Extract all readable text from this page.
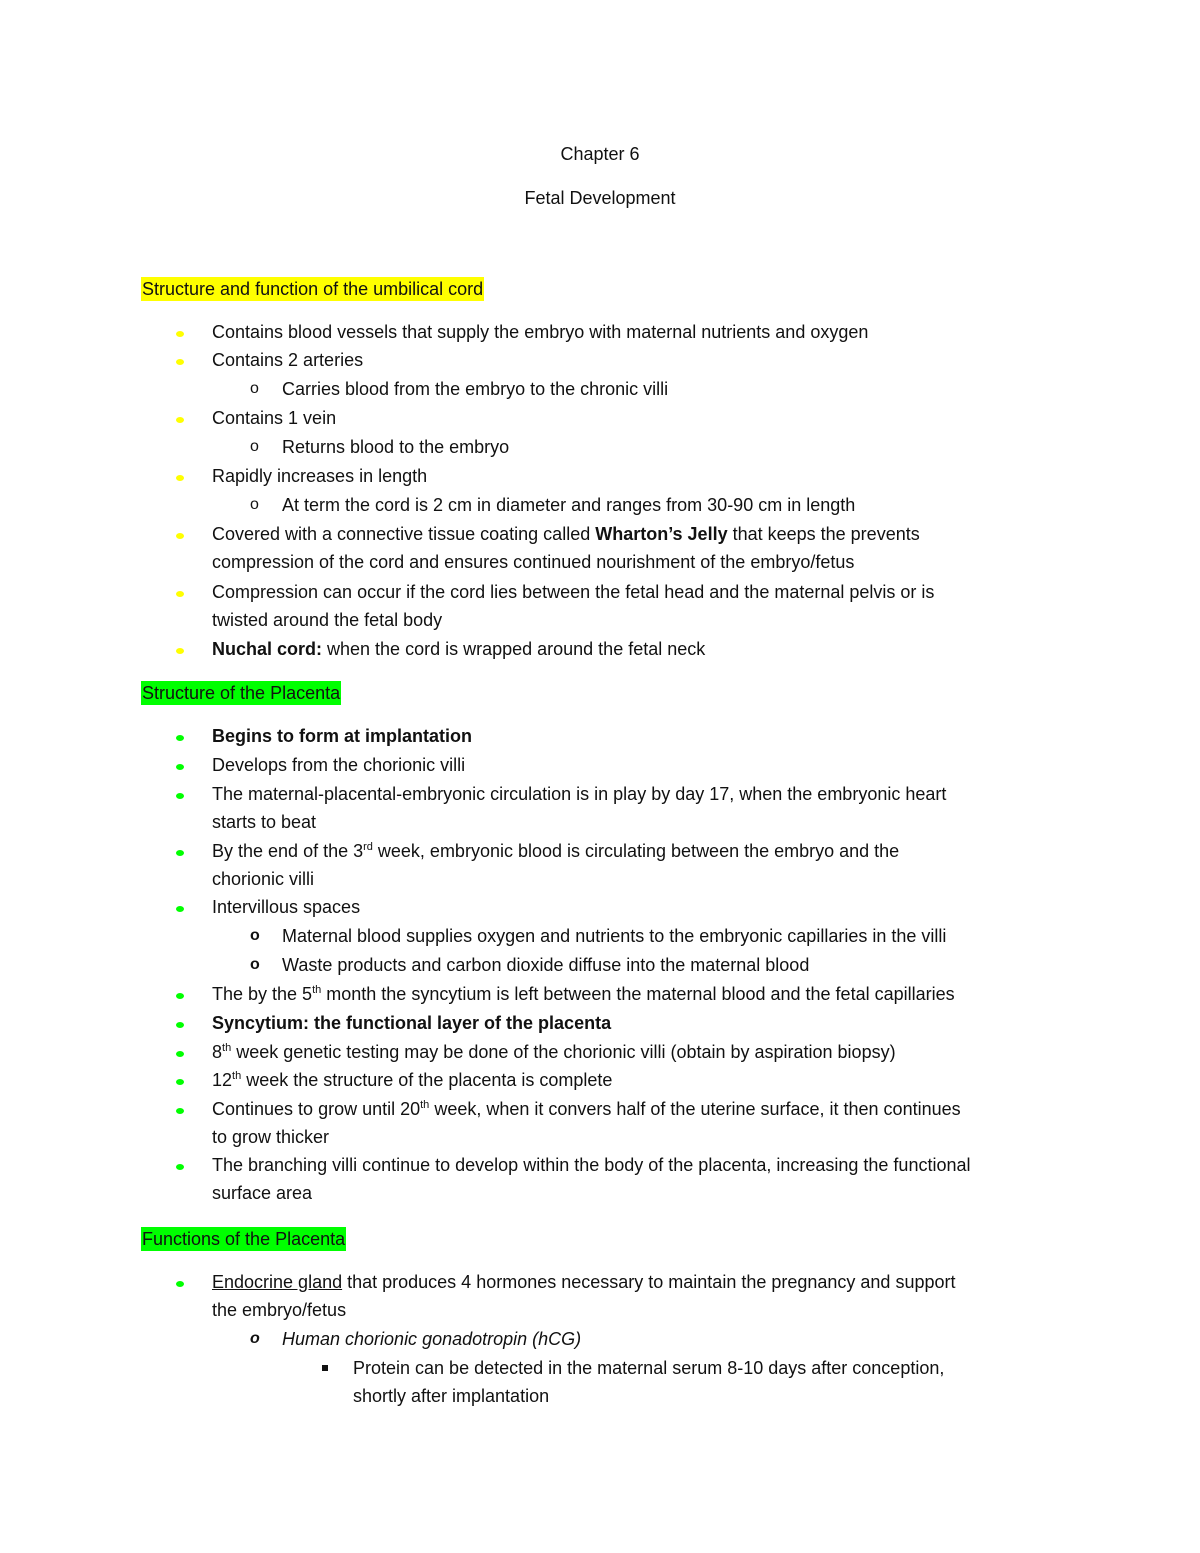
Chapter 6
Fetal Development
Structure and function of the umbilical cord
Contains blood vessels that supply the embryo with maternal nutrients and oxygen
Contains 2 arteries
o Carries blood from the embryo to the chronic villi
Contains 1 vein
o Returns blood to the embryo
Rapidly increases in length
o At term the cord is 2 cm in diameter and ranges from 30-90 cm in length
Covered with a connective tissue coating called Wharton’s Jelly that keeps the prevents
compression of the cord and ensures continued nourishment of the embryo/fetus
Compression can occur if the cord lies between the fetal head and the maternal pelvis or is
twisted around the fetal body
Nuchal cord: when the cord is wrapped around the fetal neck
Structure of the Placenta
Begins to form at implantation
Develops from the chorionic villi
The maternal-placental-embryonic circulation is in play by day 17, when the embryonic heart
starts to beat
By the end of the 3rd week, embryonic blood is circulating between the embryo and the
chorionic villi
Intervillous spaces
o Maternal blood supplies oxygen and nutrients to the embryonic capillaries in the villi
o Waste products and carbon dioxide diffuse into the maternal blood
The by the 5th month the syncytium is left between the maternal blood and the fetal capillaries
Syncytium: the functional layer of the placenta
8th week genetic testing may be done of the chorionic villi (obtain by aspiration biopsy)
12th week the structure of the placenta is complete
Continues to grow until 20th week, when it convers half of the uterine surface, it then continues
to grow thicker
The branching villi continue to develop within the body of the placenta, increasing the functional
surface area
Functions of the Placenta
Endocrine gland that produces 4 hormones necessary to maintain the pregnancy and support
the embryo/fetus
o Human chorionic gonadotropin (hCG)
Protein can be detected in the maternal serum 8-10 days after conception,
shortly after implantation
